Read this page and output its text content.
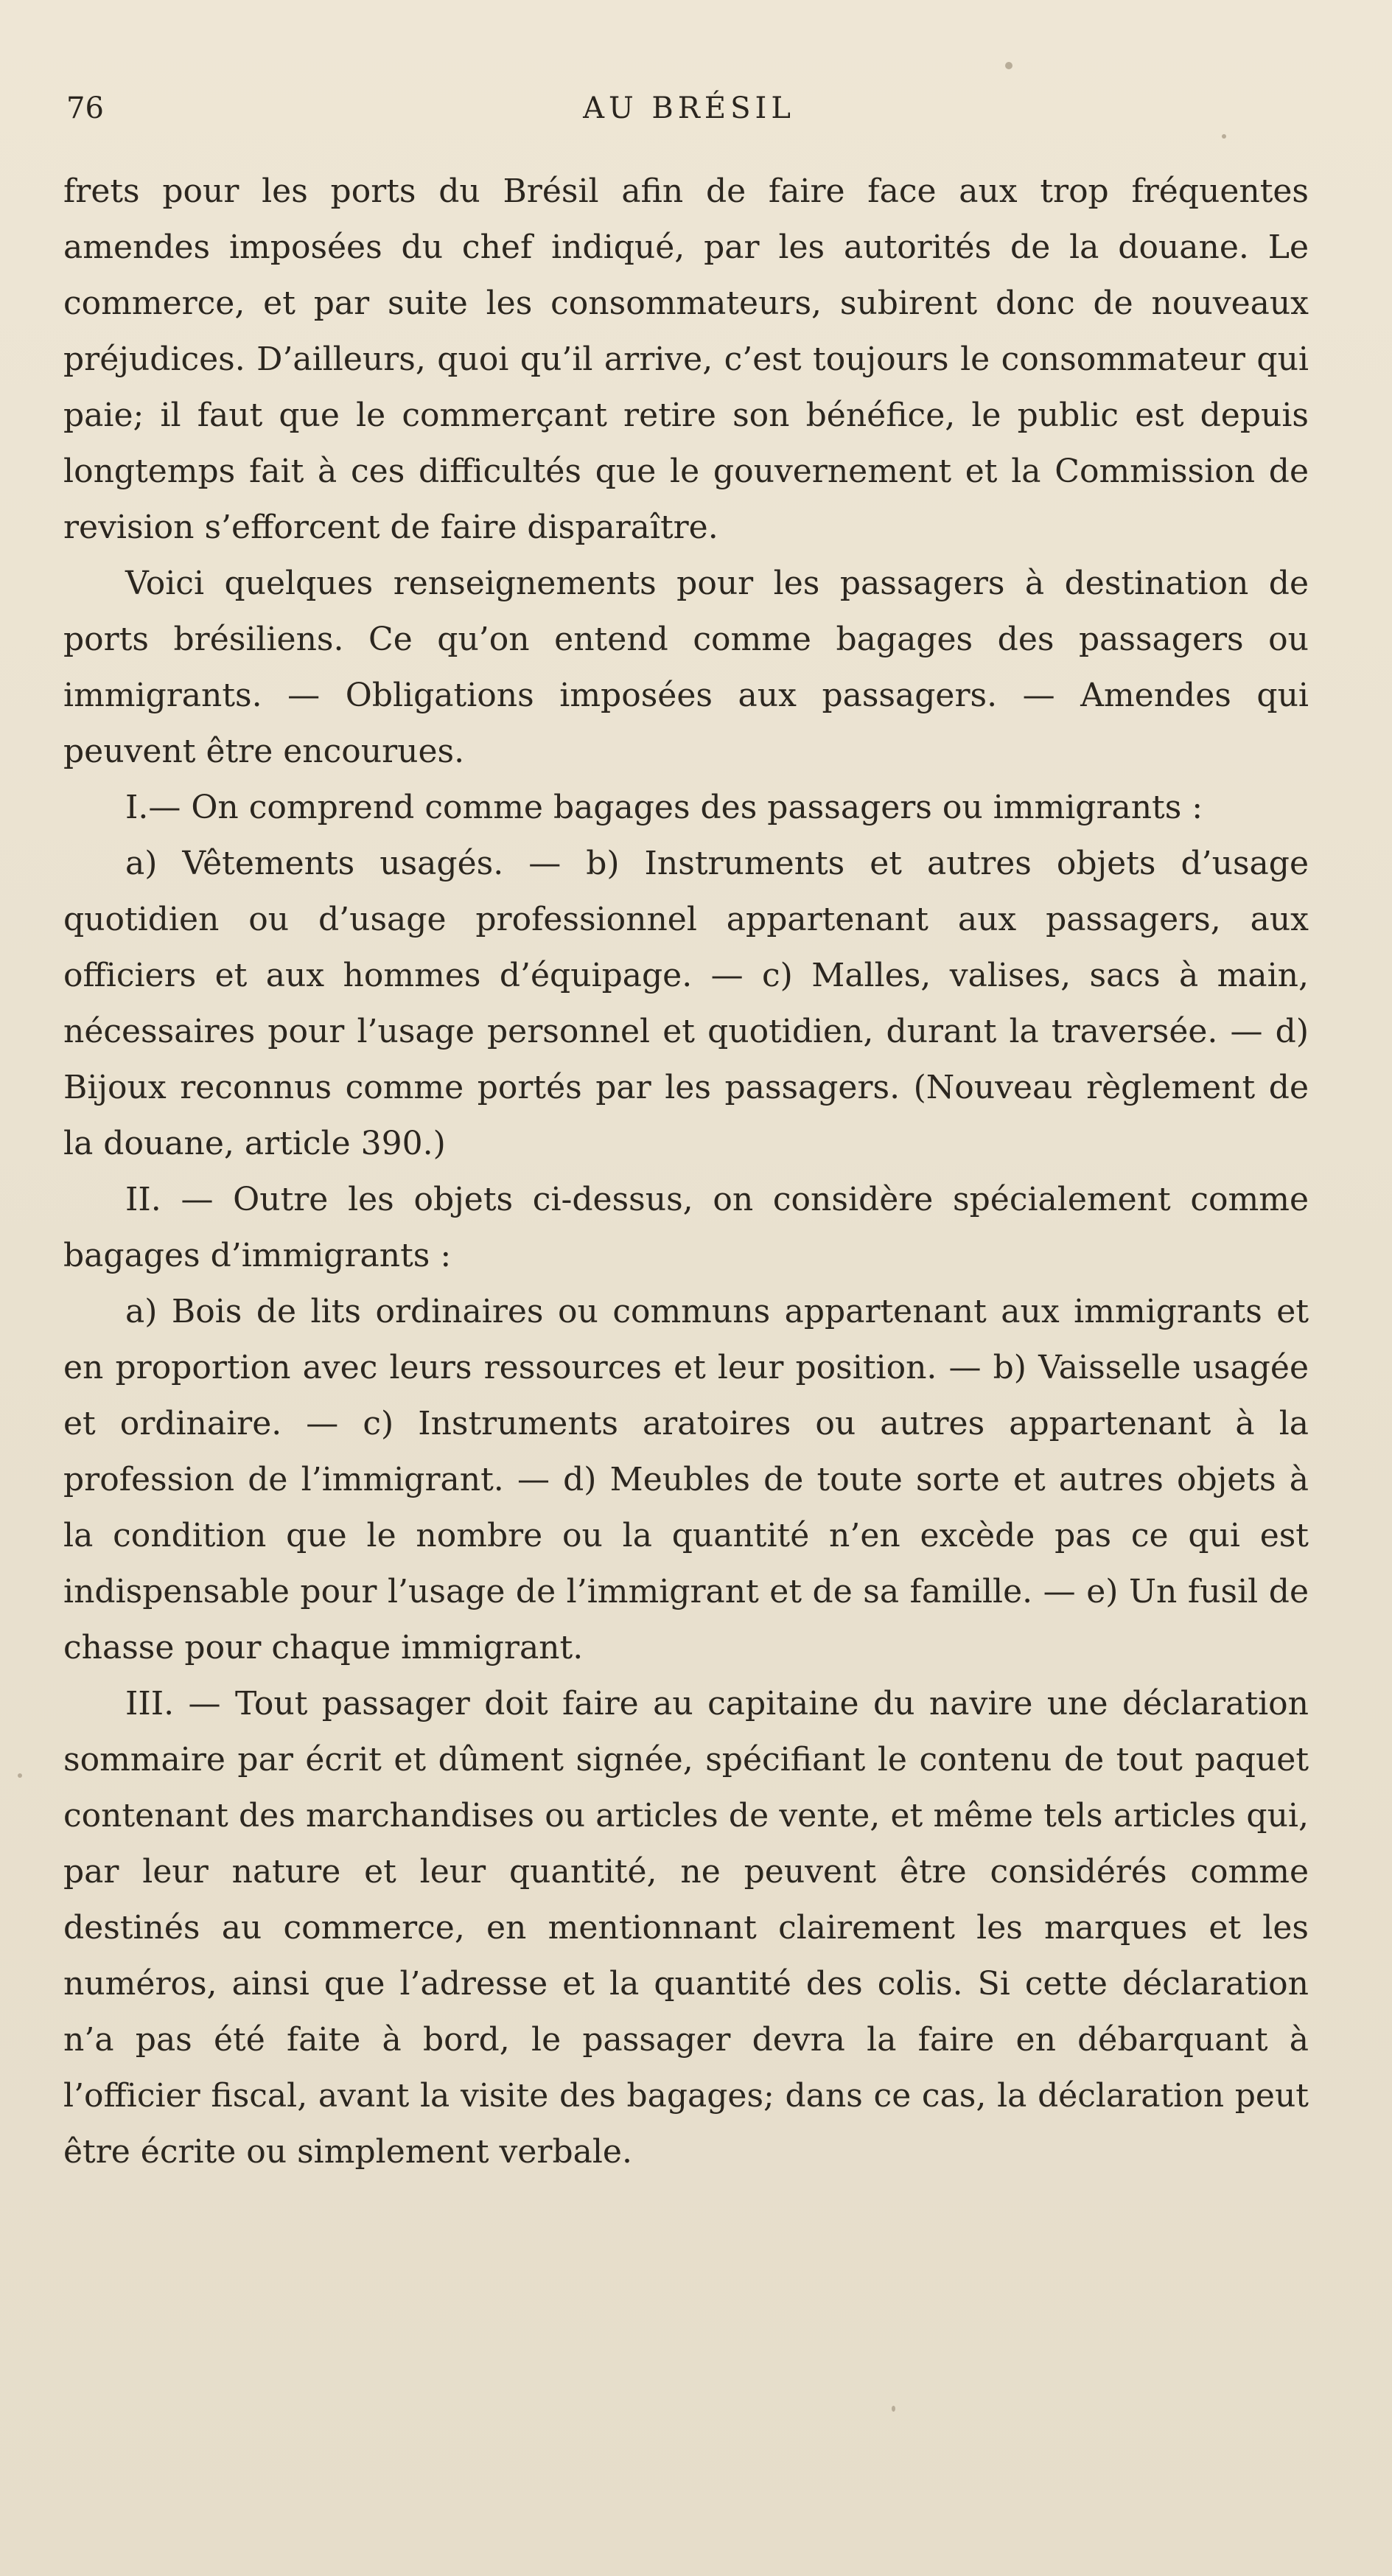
76	AU BRÉSIL

frets pour les ports du Brésil afin de faire face aux trop fréquentes amendes imposées du chef indiqué, par les autorités de la douane. Le commerce, et par suite les consommateurs, subirent donc de nouveaux préjudices. D’ailleurs, quoi qu’il arrive, c’est toujours le consommateur qui paie; il faut que le commerçant retire son bénéfice, le public est depuis longtemps fait à ces difficultés que le gouvernement et la Commission de revision s’efforcent de faire disparaître.

Voici quelques renseignements pour les passagers à destination de ports brésiliens. Ce qu’on entend comme bagages des passagers ou immigrants. — Obligations imposées aux passagers. — Amendes qui peuvent être encourues.

I.— On comprend comme bagages des passagers ou immigrants :

a) Vêtements usagés. — b) Instruments et autres objets d’usage quotidien ou d’usage professionnel appartenant aux passagers, aux officiers et aux hommes d’équipage. — c) Malles, valises, sacs à main, nécessaires pour l’usage personnel et quotidien, durant la traversée. — d) Bijoux reconnus comme portés par les passagers. (Nouveau règlement de la douane, article 390.)

II. — Outre les objets ci-dessus, on considère spécialement comme bagages d’immigrants :

a) Bois de lits ordinaires ou communs appartenant aux immigrants et en proportion avec leurs ressources et leur position. — b) Vaisselle usagée et ordinaire. — c) Instruments aratoires ou autres appartenant à la profession de l’immigrant. — d) Meubles de toute sorte et autres objets à la condition que le nombre ou la quantité n’en excède pas ce qui est indispensable pour l’usage de l’immigrant et de sa famille. — e) Un fusil de chasse pour chaque immigrant.

III. — Tout passager doit faire au capitaine du navire une déclaration sommaire par écrit et dûment signée, spécifiant le contenu de tout paquet contenant des marchandises ou articles de vente, et même tels articles qui, par leur nature et leur quantité, ne peuvent être considérés comme destinés au commerce, en mentionnant clairement les marques et les numéros, ainsi que l’adresse et la quantité des colis. Si cette déclaration n’a pas été faite à bord, le passager devra la faire en débarquant à l’officier fiscal, avant la visite des bagages; dans ce cas, la déclaration peut être écrite ou simplement verbale.
